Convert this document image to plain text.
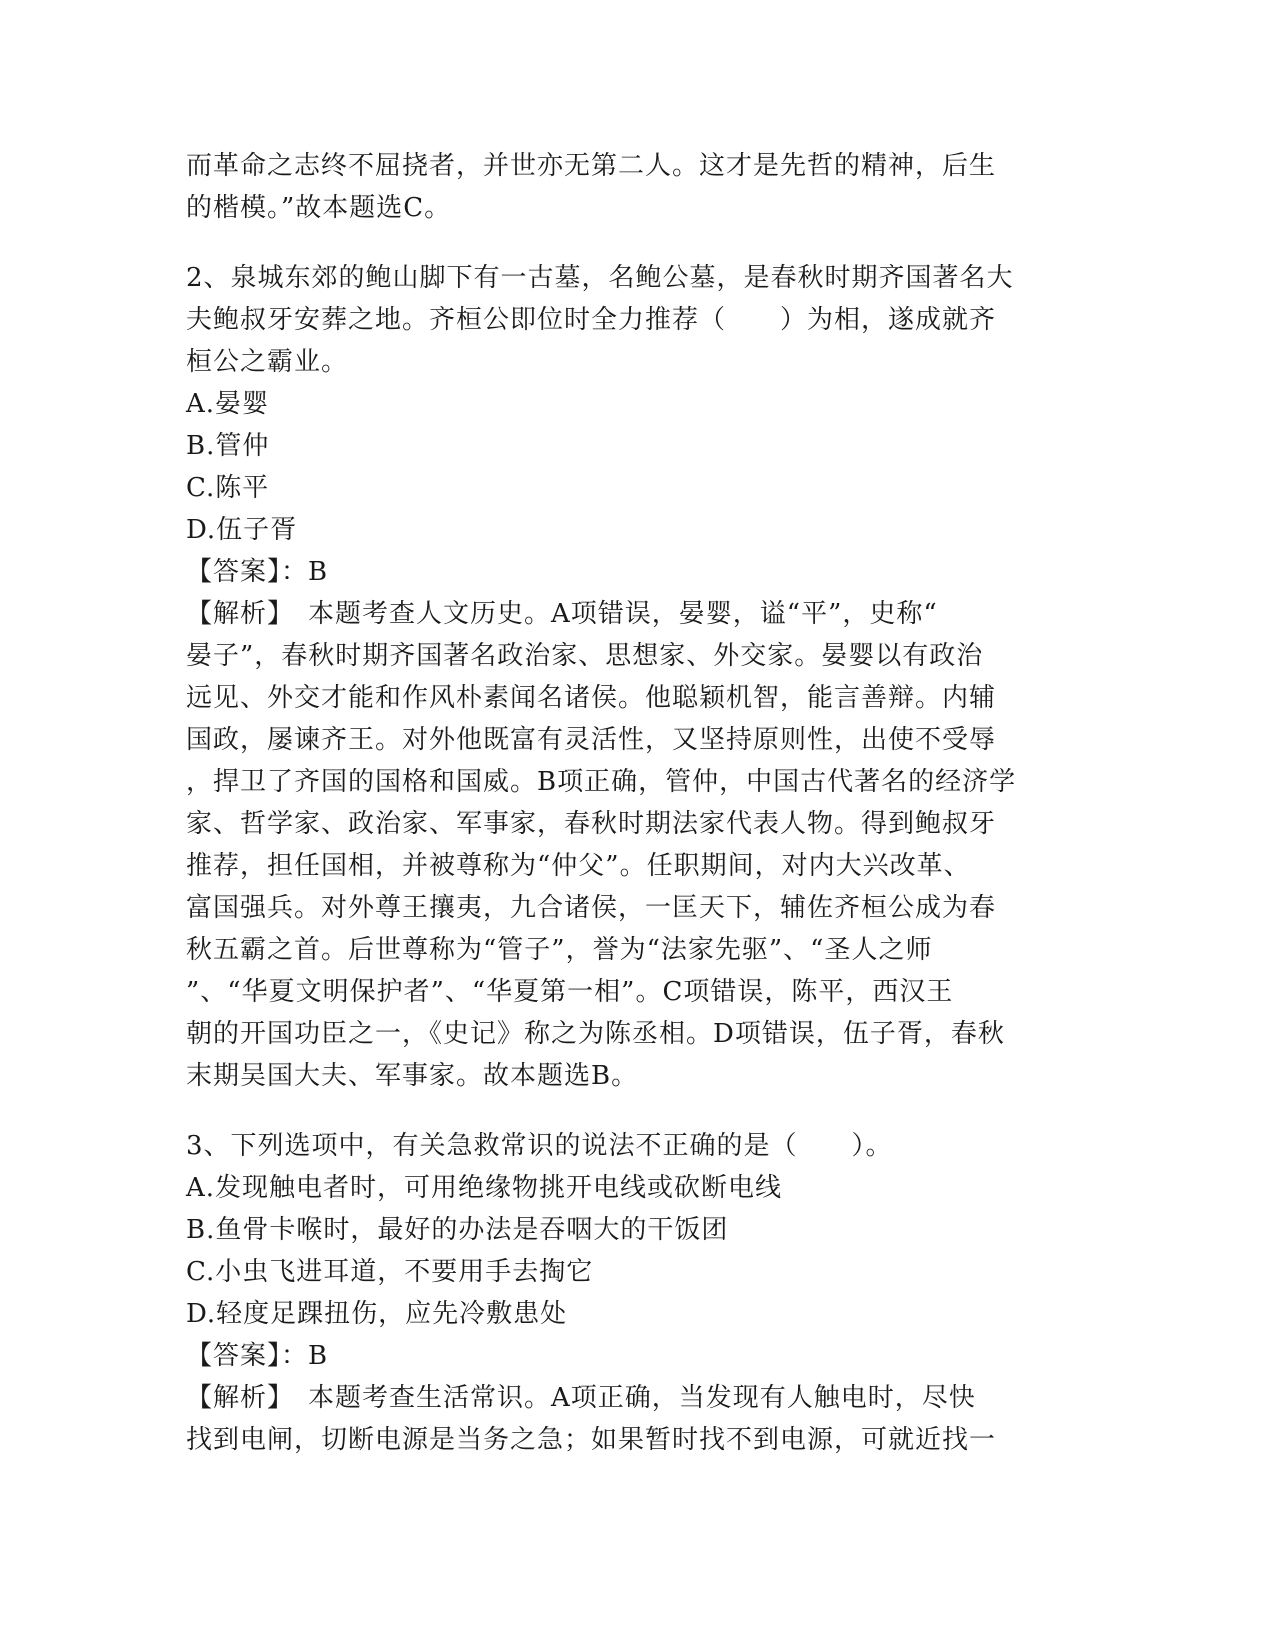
而革命之志终不屈挠者，并世亦无第二人。这才是先哲的精神，后生
的楷模。”故本题选C。
2、泉城东郊的鲍山脚下有一古墓，名鲍公墓，是春秋时期齐国著名大
夫鲍叔牙安葬之地。齐桓公即位时全力推荐（　　）为相，遂成就齐
桓公之霸业。
A.晏婴
B.管仲
C.陈平
D.伍子胥
【答案】：B
【解析】　本题考查人文历史。A项错误，晏婴，谥“平”，史称“
晏子”，春秋时期齐国著名政治家、思想家、外交家。晏婴以有政治
远见、外交才能和作风朴素闻名诸侯。他聪颖机智，能言善辩。内辅
国政，屡谏齐王。对外他既富有灵活性，又坚持原则性，出使不受辱
，捍卫了齐国的国格和国威。B项正确，管仲，中国古代著名的经济学
家、哲学家、政治家、军事家，春秋时期法家代表人物。得到鲍叔牙
推荐，担任国相，并被尊称为“仲父”。任职期间，对内大兴改革、
富国强兵。对外尊王攘夷，九合诸侯，一匡天下，辅佐齐桓公成为春
秋五霸之首。后世尊称为“管子”，誉为“法家先驱”、“圣人之师
”、“华夏文明保护者”、“华夏第一相”。C项错误，陈平，西汉王
朝的开国功臣之一，《史记》称之为陈丞相。D项错误，伍子胥，春秋
末期吴国大夫、军事家。故本题选B。
3、下列选项中，有关急救常识的说法不正确的是（　　）。
A.发现触电者时，可用绝缘物挑开电线或砍断电线
B.鱼骨卡喉时，最好的办法是吞咽大的干饭团
C.小虫飞进耳道，不要用手去掏它
D.轻度足踝扭伤，应先冷敷患处
【答案】：B
【解析】　本题考查生活常识。A项正确，当发现有人触电时，尽快
找到电闸，切断电源是当务之急；如果暂时找不到电源，可就近找一
